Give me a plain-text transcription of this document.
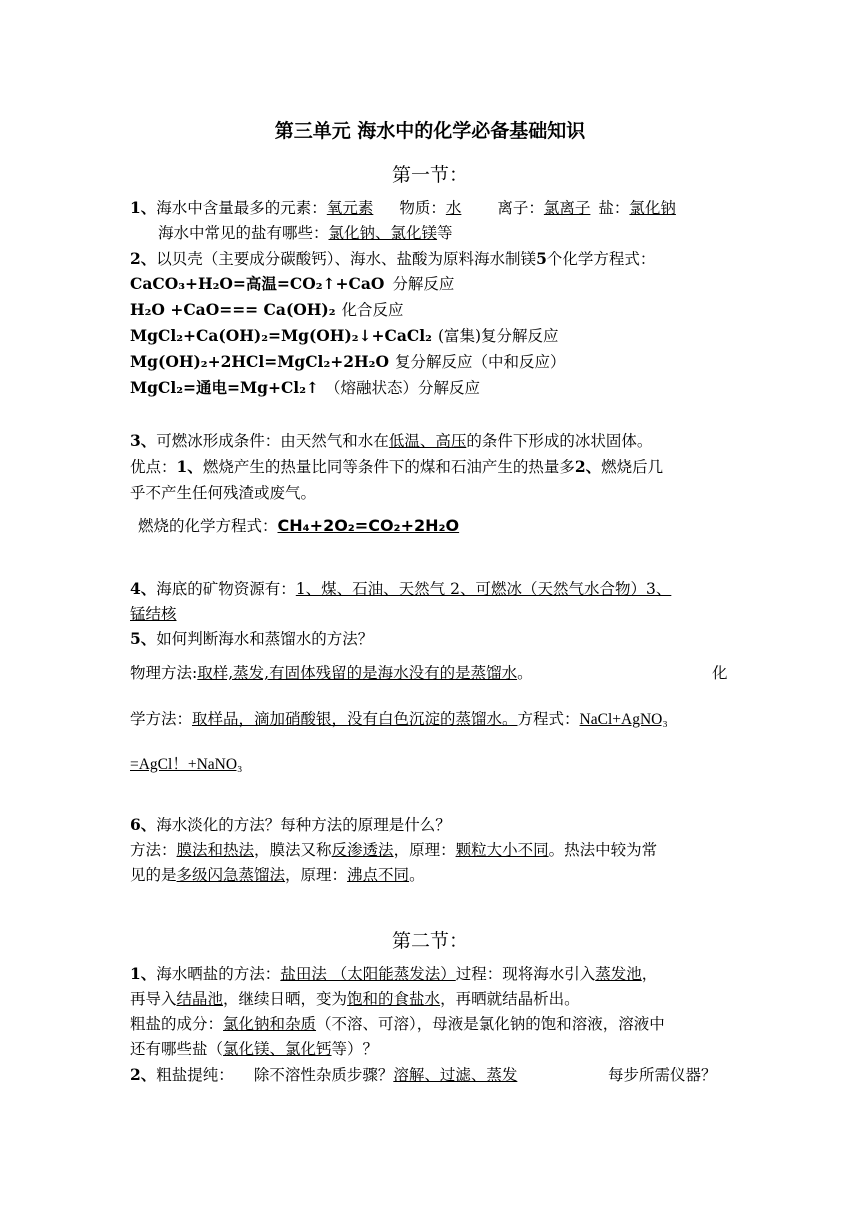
第三单元 海水中的化学必备基础知识
第一节：
1、海水中含量最多的元素：氧元素 物质：水 离子：氯离子 盐：氯化钠
海水中常见的盐有哪些：氯化钠、氯化镁等
2、以贝壳（主要成分碳酸钙）、海水、盐酸为原料海水制镁5个化学方程式：
CaCO₃+H₂O=高温=CO₂↑+CaO 分解反应
H₂O +CaO=== Ca(OH)₂ 化合反应
MgCl₂+Ca(OH)₂=Mg(OH)₂↓+CaCl₂ (富集)复分解反应
Mg(OH)₂+2HCl=MgCl₂+2H₂O 复分解反应（中和反应）
MgCl₂=通电=Mg+Cl₂↑ （熔融状态）分解反应
3、可燃冰形成条件：由天然气和水在低温、高压的条件下形成的冰状固体。
优点：1、燃烧产生的热量比同等条件下的煤和石油产生的热量多2、燃烧后几
乎不产生任何残渣或废气。
燃烧的化学方程式：CH₄+2O₂=CO₂+2H₂O
4、海底的矿物资源有：1、煤、石油、天然气 2、可燃冰（天然气水合物）3、
锰结核
5、如何判断海水和蒸馏水的方法？
物理方法:取样,蒸发,有固体残留的是海水没有的是蒸馏水。	化
学方法：取样品，滴加硝酸银，没有白色沉淀的蒸馏水。方程式：NaCl+AgNO₃
=AgCl！+NaNO₃
6、海水淡化的方法？每种方法的原理是什么？
方法：膜法和热法，膜法又称反渗透法，原理：颗粒大小不同。热法中较为常
见的是多级闪急蒸馏法，原理：沸点不同。
第二节：
1、海水晒盐的方法：盐田法 （太阳能蒸发法）过程：现将海水引入蒸发池，
再导入结晶池，继续日晒，变为饱和的食盐水，再晒就结晶析出。
粗盐的成分：氯化钠和杂质（不溶、可溶），母液是氯化钠的饱和溶液，溶液中
还有哪些盐（氯化镁、氯化钙等）？
2、粗盐提纯： 除不溶性杂质步骤？溶解、过滤、蒸发	每步所需仪器？
